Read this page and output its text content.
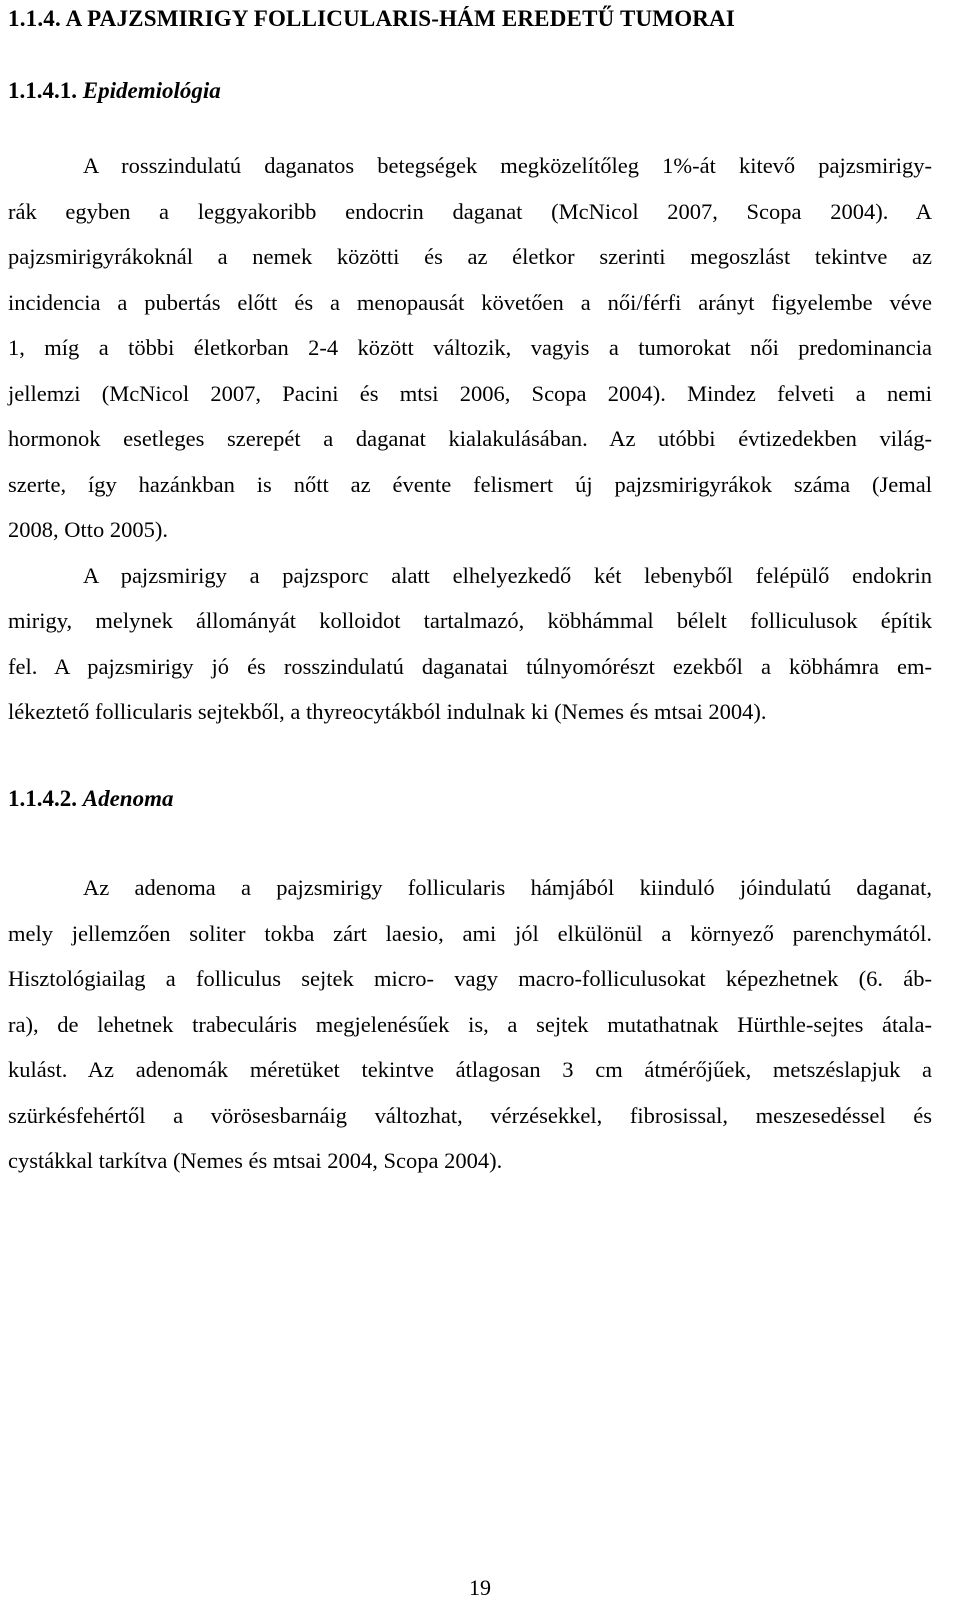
1.1.4. A PAJZSMIRIGY FOLLICULARIS-HÁM EREDETŰ TUMORAI
1.1.4.1. Epidemiológia
A rosszindulatú daganatos betegségek megközelítőleg 1%-át kitevő pajzsmirigy-
rák egyben a leggyakoribb endocrin daganat (McNicol 2007, Scopa 2004). A
pajzsmirigyrákoknál a nemek közötti és az életkor szerinti megoszlást tekintve az
incidencia a pubertás előtt és a menopausát követően a női/férfi arányt figyelembe véve
1, míg a többi életkorban 2-4 között változik, vagyis a tumorokat női predominancia
jellemzi (McNicol 2007, Pacini és mtsi 2006, Scopa 2004). Mindez felveti a nemi
hormonok esetleges szerepét a daganat kialakulásában. Az utóbbi évtizedekben világ-
szerte, így hazánkban is nőtt az évente felismert új pajzsmirigyrákok száma (Jemal
2008, Otto 2005).
A pajzsmirigy a pajzsporc alatt elhelyezkedő két lebenyből felépülő endokrin
mirigy, melynek állományát kolloidot tartalmazó, köbhámmal bélelt folliculusok építik
fel. A pajzsmirigy jó és rosszindulatú daganatai túlnyomórészt ezekből a köbhámra em-
lékeztető follicularis sejtekből, a thyreocytákból indulnak ki (Nemes és mtsai 2004).
1.1.4.2. Adenoma
Az adenoma a pajzsmirigy follicularis hámjából kiinduló jóindulatú daganat,
mely jellemzően soliter tokba zárt laesio, ami jól elkülönül a környező parenchymától.
Hisztológiailag a folliculus sejtek micro- vagy macro-folliculusokat képezhetnek (6. áb-
ra), de lehetnek trabeculáris megjelenésűek is, a sejtek mutathatnak Hürthle-sejtes átala-
kulást. Az adenomák méretüket tekintve átlagosan 3 cm átmérőjűek, metszéslapjuk a
szürkésfehértől a vörösesbarnáig változhat, vérzésekkel, fibrosissal, meszesedéssel és
cystákkal tarkítva (Nemes és mtsai 2004, Scopa 2004).
19
